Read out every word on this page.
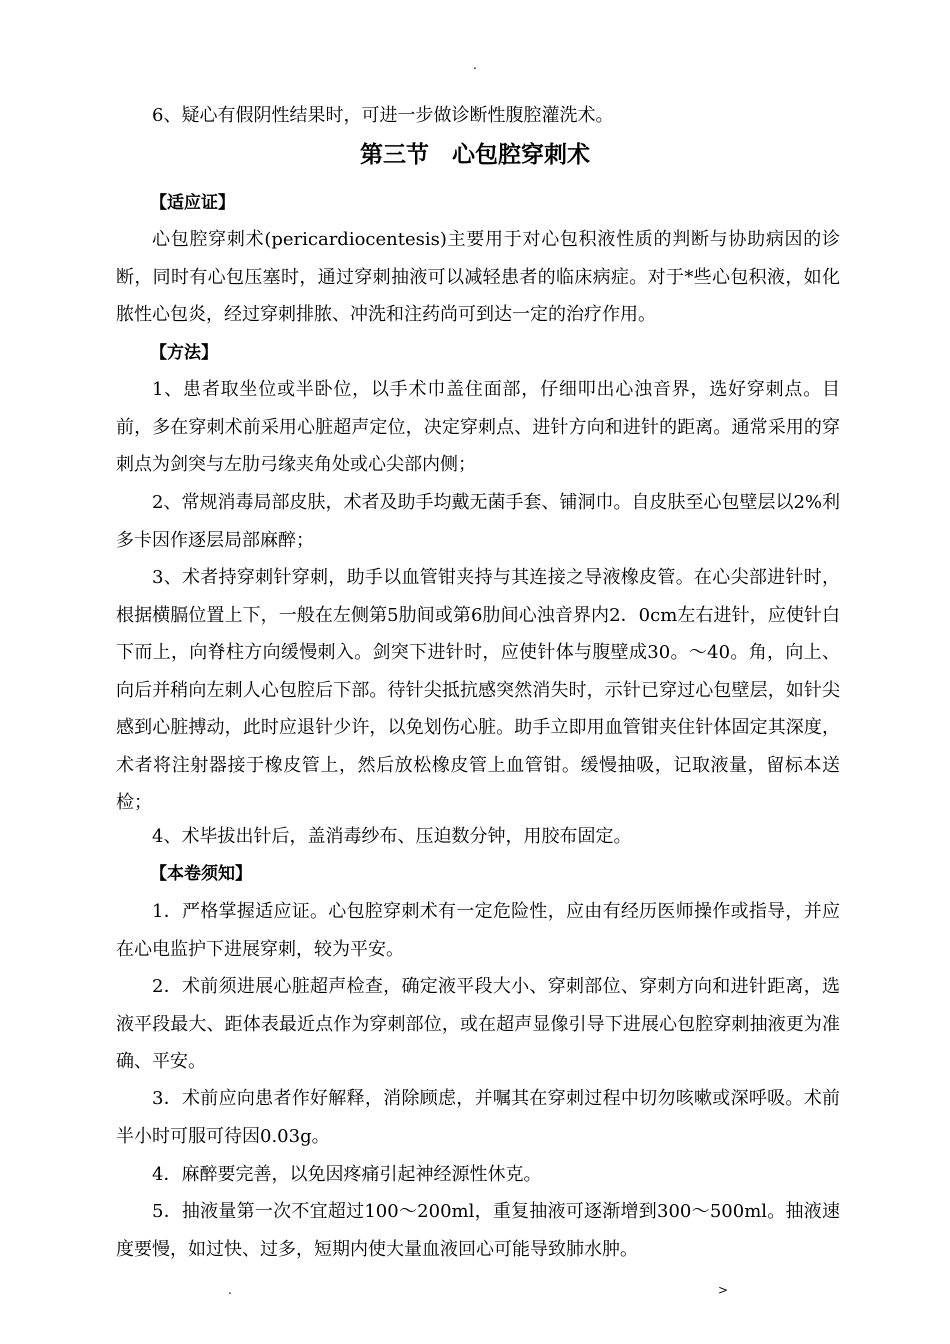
.

6、疑心有假阴性结果时，可进一步做诊断性腹腔灌洗术。

第三节　心包腔穿刺术
【适应证】

心包腔穿刺术(pericardiocentesis)主要用于对心包积液性质的判断与协助病因的诊断，同时有心包压塞时，通过穿刺抽液可以减轻患者的临床病症。对于*些心包积液，如化脓性心包炎，经过穿刺排脓、冲洗和注药尚可到达一定的治疗作用。

【方法】

1、患者取坐位或半卧位，以手术巾盖住面部，仔细叩出心浊音界，选好穿刺点。目前，多在穿刺术前采用心脏超声定位，决定穿刺点、进针方向和进针的距离。通常采用的穿刺点为剑突与左肋弓缘夹角处或心尖部内侧；

2、常规消毒局部皮肤，术者及助手均戴无菌手套、铺洞巾。自皮肤至心包壁层以2%利多卡因作逐层局部麻醉；

3、术者持穿刺针穿刺，助手以血管钳夹持与其连接之导液橡皮管。在心尖部进针时，根据横膈位置上下，一般在左侧第5肋间或第6肋间心浊音界内2．0cm左右进针，应使针白下而上，向脊柱方向缓慢刺入。剑突下进针时，应使针体与腹壁成30。～40。角，向上、向后并稍向左刺人心包腔后下部。待针尖抵抗感突然消失时，示针已穿过心包壁层，如针尖感到心脏搏动，此时应退针少许，以免划伤心脏。助手立即用血管钳夹住针体固定其深度，术者将注射器接于橡皮管上，然后放松橡皮管上血管钳。缓慢抽吸，记取液量，留标本送检；

4、术毕拔出针后，盖消毒纱布、压迫数分钟，用胶布固定。

【本卷须知】

1．严格掌握适应证。心包腔穿刺术有一定危险性，应由有经历医师操作或指导，并应在心电监护下进展穿刺，较为平安。

2．术前须进展心脏超声检查，确定液平段大小、穿刺部位、穿刺方向和进针距离，选液平段最大、距体表最近点作为穿刺部位，或在超声显像引导下进展心包腔穿刺抽液更为准确、平安。

3．术前应向患者作好解释，消除顾虑，并嘱其在穿刺过程中切勿咳嗽或深呼吸。术前半小时可服可待因0.03g。

4．麻醉要完善，以免因疼痛引起神经源性休克。

5．抽液量第一次不宜超过100～200ml，重复抽液可逐渐增到300～500ml。抽液速度要慢，如过快、过多，短期内使大量血液回心可能导致肺水肿。

.	>
